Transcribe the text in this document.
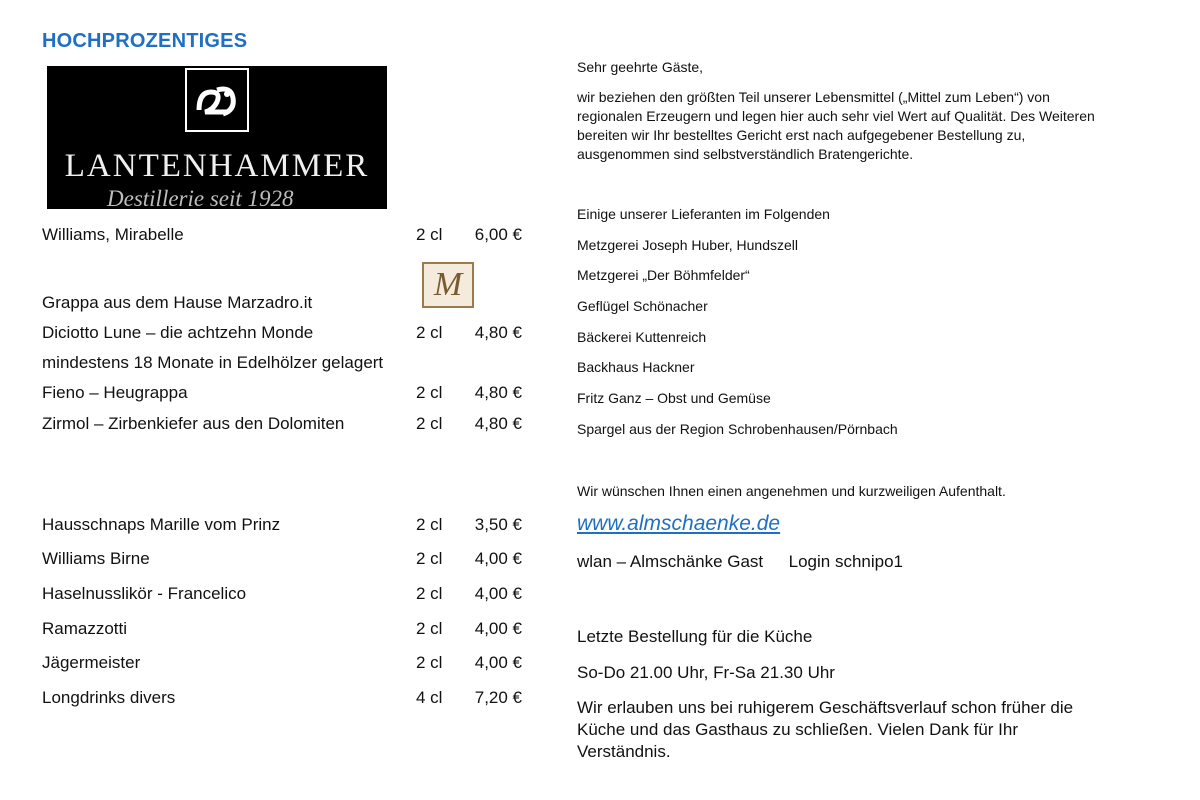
HOCHPROZENTIGES
LANTENHAMMER
Destillerie seit 1928
Williams, Mirabelle	2 cl 6,00 €
M
Grappa aus dem Hause Marzadro.it
Diciotto Lune – die achtzehn Monde	2 cl 4,80 €
mindestens 18 Monate in Edelhölzer gelagert
Fieno – Heugrappa	2 cl 4,80 €
Zirmol – Zirbenkiefer aus den Dolomiten	2 cl 4,80 €
Hausschnaps Marille vom Prinz	2 cl 3,50 €
Williams Birne	2 cl 4,00 €
Haselnusslikör - Francelico	2 cl 4,00 €
Ramazzotti	2 cl 4,00 €
Jägermeister	2 cl 4,00 €
Longdrinks divers	4 cl 7,20 €
Sehr geehrte Gäste,
wir beziehen den größten Teil unserer Lebensmittel („Mittel zum Leben“) von regionalen Erzeugern und legen hier auch sehr viel Wert auf Qualität. Des Weiteren bereiten wir Ihr bestelltes Gericht erst nach aufgegebener Bestellung zu, ausgenommen sind selbstverständlich Bratengerichte.
Einige unserer Lieferanten im Folgenden
Metzgerei Joseph Huber, Hundszell
Metzgerei „Der Böhmfelder“
Geflügel Schönacher
Bäckerei Kuttenreich
Backhaus Hackner
Fritz Ganz – Obst und Gemüse
Spargel aus der Region Schrobenhausen/Pörnbach
Wir wünschen Ihnen einen angenehmen und kurzweiligen Aufenthalt.
www.almschaenke.de
wlan – Almschänke Gast Login schnipo1
Letzte Bestellung für die Küche
So-Do 21.00 Uhr, Fr-Sa 21.30 Uhr
Wir erlauben uns bei ruhigerem Geschäftsverlauf schon früher die Küche und das Gasthaus zu schließen. Vielen Dank für Ihr Verständnis.
